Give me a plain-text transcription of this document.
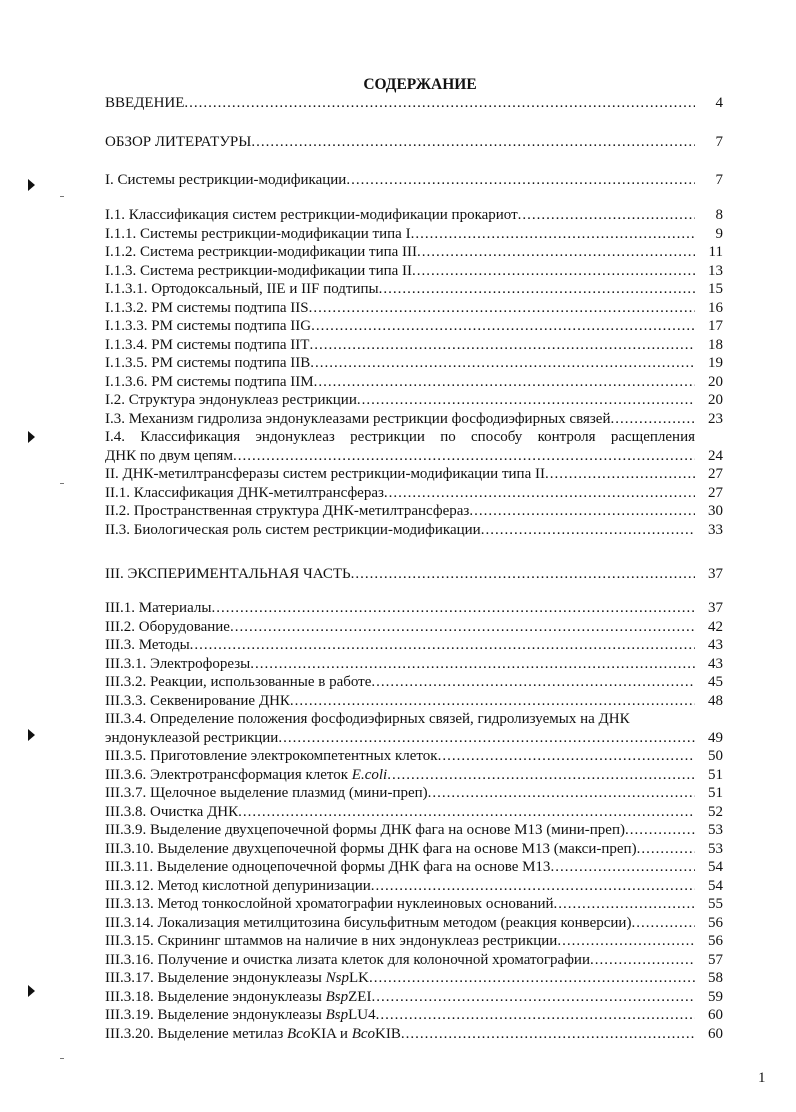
СОДЕРЖАНИЕ
ВВЕДЕНИЕ .....	4
ОБЗОР ЛИТЕРАТУРЫ .....	7
I. Системы рестрикции-модификации .....	7
I.1. Классификация систем рестрикции-модификации прокариот .....	8
I.1.1. Системы рестрикции-модификации типа I .....	9
I.1.2. Система рестрикции-модификации типа III .....	11
I.1.3. Система рестрикции-модификации типа II .....	13
I.1.3.1. Ортодоксальный, IIE и IIF подтипы .....	15
I.1.3.2. РМ системы подтипа IIS .....	16
I.1.3.3. РМ системы подтипа IIG .....	17
I.1.3.4. РМ системы подтипа IIT .....	18
I.1.3.5. РМ системы подтипа IIB .....	19
I.1.3.6. РМ системы подтипа IIM .....	20
I.2. Структура эндонуклеаз рестрикции .....	20
I.3. Механизм гидролиза эндонуклеазами рестрикции фосфодиэфирных связей .....	23
I.4. Классификация эндонуклеаз рестрикции по способу контроля расщепления
ДНК по двум цепям .....	24
II. ДНК-метилтрансферазы систем рестрикции-модификации типа II .....	27
II.1. Классификация ДНК-метилтрансфераз .....	27
II.2. Пространственная структура ДНК-метилтрансфераз .....	30
II.3. Биологическая роль систем рестрикции-модификации .....	33
III. ЭКСПЕРИМЕНТАЛЬНАЯ ЧАСТЬ .....	37
III.1. Материалы .....	37
III.2. Оборудование .....	42
III.3. Методы .....	43
III.3.1. Электрофорезы .....	43
III.3.2. Реакции, использованные в работе .....	45
III.3.3. Секвенирование ДНК .....	48
III.3.4. Определение положения фосфодиэфирных связей, гидролизуемых на ДНК
эндонуклеазой рестрикции .....	49
III.3.5. Приготовление электрокомпетентных клеток .....	50
III.3.6. Электротрансформация клеток E.coli .....	51
III.3.7. Щелочное выделение плазмид (мини-преп) .....	51
III.3.8. Очистка ДНК .....	52
III.3.9. Выделение двухцепочечной формы ДНК фага на основе М13 (мини-преп) .....	53
III.3.10. Выделение двухцепочечной формы ДНК фага на основе М13 (макси-преп) .....	53
III.3.11. Выделение одноцепочечной формы ДНК фага на основе М13 .....	54
III.3.12. Метод кислотной депуринизации .....	54
III.3.13. Метод тонкослойной хроматографии нуклеиновых оснований .....	55
III.3.14. Локализация метилцитозина бисульфитным методом (реакция конверсии) .....	56
III.3.15. Скрининг штаммов на наличие в них эндонуклеаз рестрикции .....	56
III.3.16. Получение и очистка лизата клеток для колоночной хроматографии .....	57
III.3.17. Выделение эндонуклеазы NspLK .....	58
III.3.18. Выделение эндонуклеазы BspZEI .....	59
III.3.19. Выделение эндонуклеазы BspLU4 .....	60
III.3.20. Выделение метилаз BcoKIA и BcoKIB .....	60
1
